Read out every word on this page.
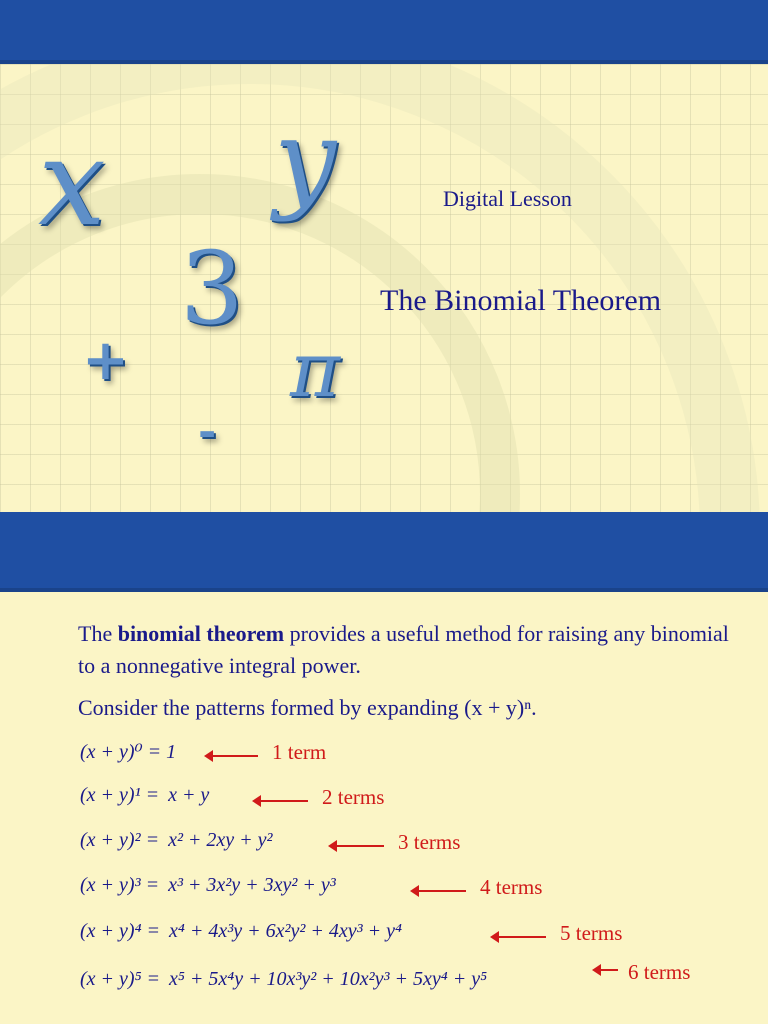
x y
3
+ π
-
Digital Lesson
The Binomial Theorem

The binomial theorem provides a useful method for raising any binomial to a nonnegative integral power.

Consider the patterns formed by expanding (x + y)ⁿ.

(x + y)⁰ = 1	1 term
(x + y)¹ = x + y	2 terms
(x + y)² = x² + 2xy + y²	3 terms
(x + y)³ = x³ + 3x²y + 3xy² + y³	4 terms
(x + y)⁴ = x⁴ + 4x³y + 6x²y² + 4xy³ + y⁴	5 terms
(x + y)⁵ = x⁵ + 5x⁴y + 10x³y² + 10x²y³ + 5xy⁴ + y⁵	6 terms
